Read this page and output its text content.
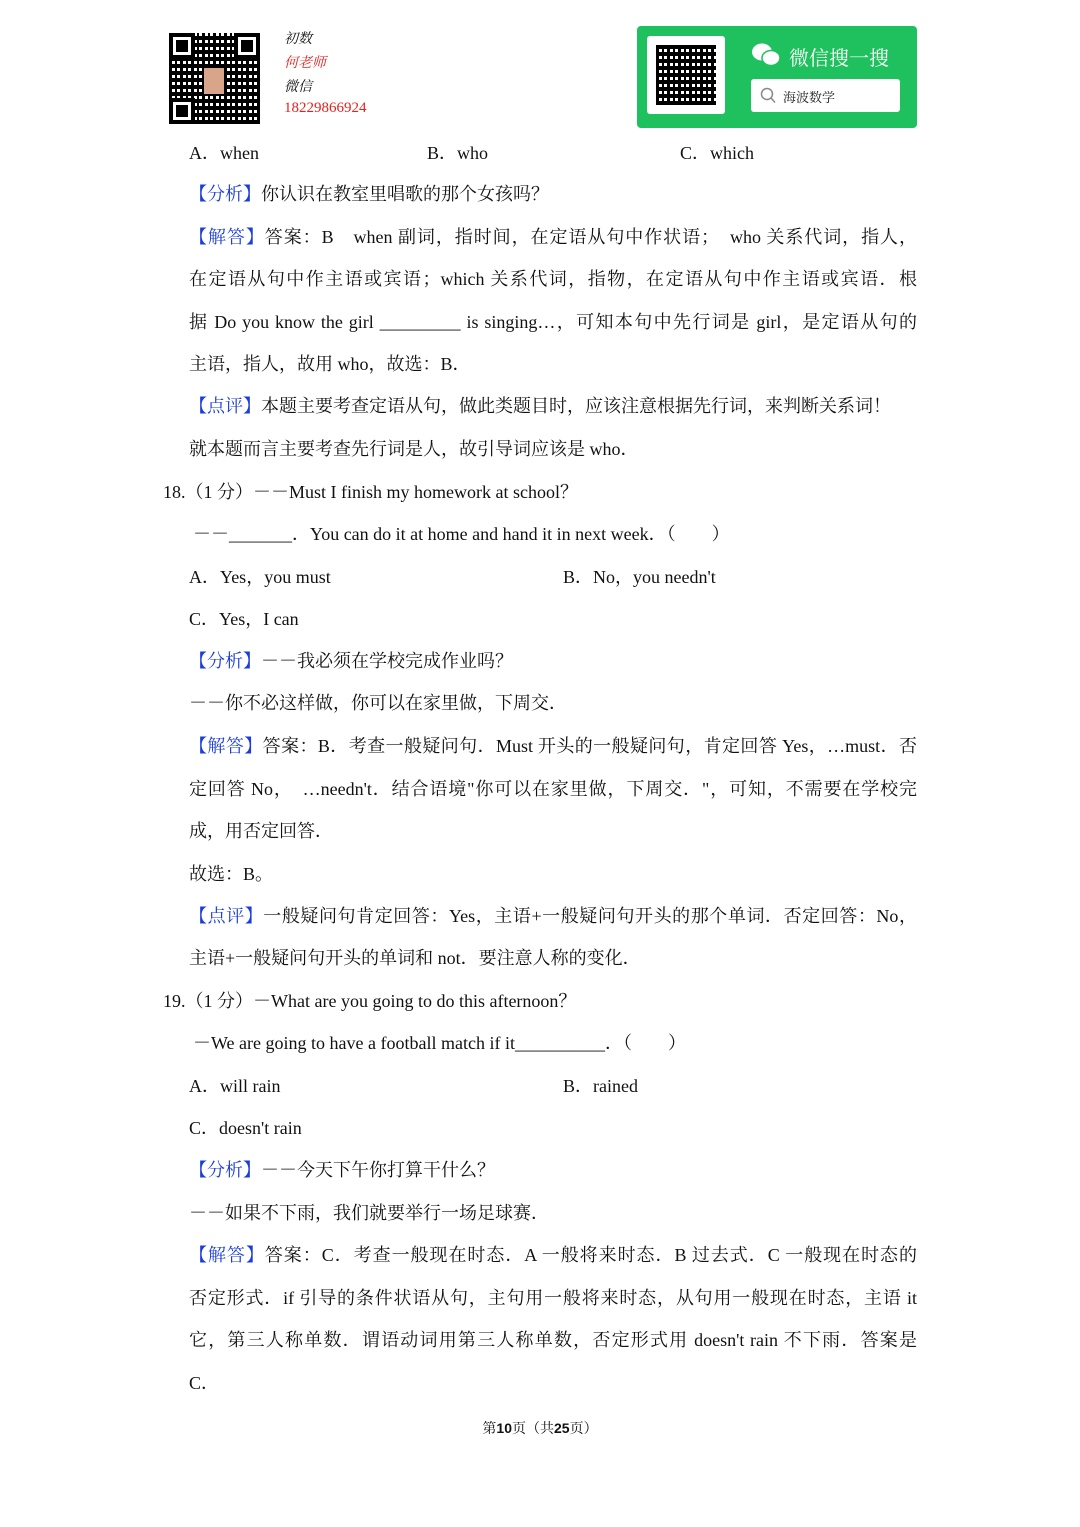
初数
何老师
微信
18229866924
微信搜一搜
海波数学
A．when	B．who	C．which
【分析】你认识在教室里唱歌的那个女孩吗？
【解答】答案：B　when 副词，指时间，在定语从句中作状语；　who 关系代词，指人，
在定语从句中作主语或宾语；which 关系代词，指物，在定语从句中作主语或宾语．根
据 Do you know the girl _________ is singing…，可知本句中先行词是 girl，是定语从句的
主语，指人，故用 who，故选：B．
【点评】本题主要考查定语从句，做此类题目时，应该注意根据先行词，来判断关系词！
就本题而言主要考查先行词是人，故引导词应该是 who．
18.（1 分）－－Must I finish my homework at school？
－－_______．You can do it at home and hand it in next week．（　　）
A．Yes，you must	B．No，you needn't
C．Yes，I can
【分析】－－我必须在学校完成作业吗？
－－你不必这样做，你可以在家里做，下周交．
【解答】答案：B．考查一般疑问句．Must 开头的一般疑问句，肯定回答 Yes，…must．否
定回答 No，　…needn't．结合语境"你可以在家里做，下周交．"，可知，不需要在学校完
成，用否定回答．
故选：B。
【点评】一般疑问句肯定回答：Yes，主语+一般疑问句开头的那个单词．否定回答：No，
主语+一般疑问句开头的单词和 not．要注意人称的变化．
19.（1 分）－What are you going to do this afternoon？
－We are going to have a football match if it__________．（　　）
A．will rain	B．rained
C．doesn't rain
【分析】－－今天下午你打算干什么？
－－如果不下雨，我们就要举行一场足球赛．
【解答】答案：C．考查一般现在时态．A 一般将来时态．B 过去式．C 一般现在时态的
否定形式．if 引导的条件状语从句，主句用一般将来时态，从句用一般现在时态，主语 it
它，第三人称单数．谓语动词用第三人称单数，否定形式用 doesn't rain 不下雨．答案是
C．
第10页（共25页）
